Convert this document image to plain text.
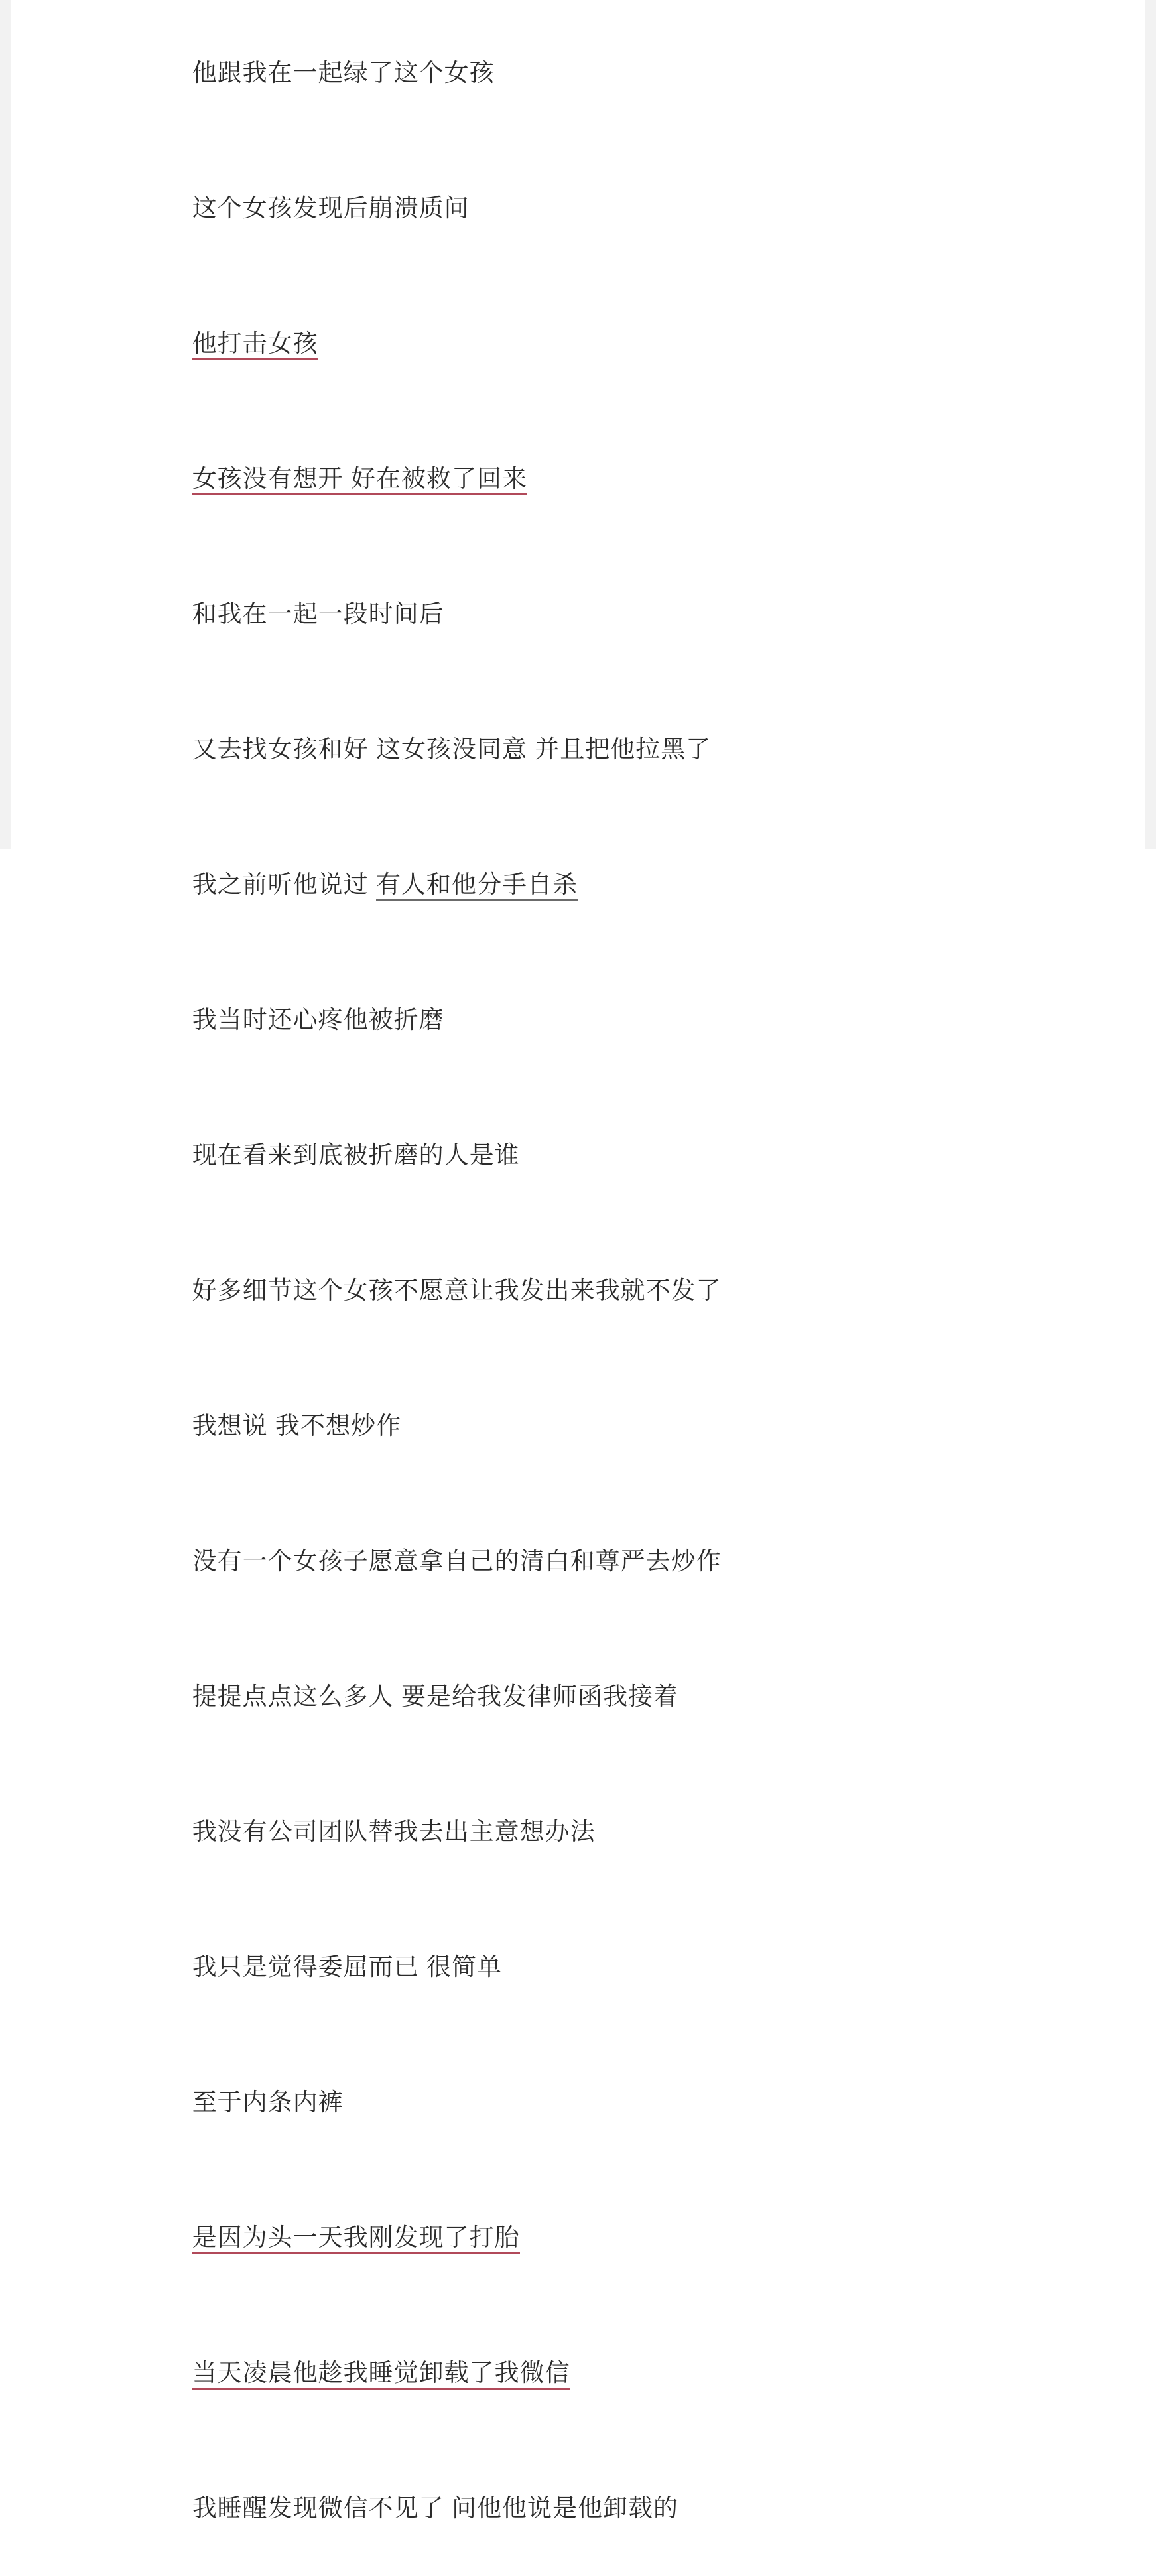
他跟我在一起绿了这个女孩

这个女孩发现后崩溃质问

他打击女孩

女孩没有想开 好在被救了回来

和我在一起一段时间后

又去找女孩和好 这女孩没同意 并且把他拉黑了

我之前听他说过 有人和他分手自杀

我当时还心疼他被折磨

现在看来到底被折磨的人是谁

好多细节这个女孩不愿意让我发出来我就不发了

我想说 我不想炒作

没有一个女孩子愿意拿自己的清白和尊严去炒作

提提点点这么多人 要是给我发律师函我接着

我没有公司团队替我去出主意想办法

我只是觉得委屈而已 很简单

至于内条内裤

是因为头一天我刚发现了打胎

当天凌晨他趁我睡觉卸载了我微信

我睡醒发现微信不见了 问他他说是他卸载的
